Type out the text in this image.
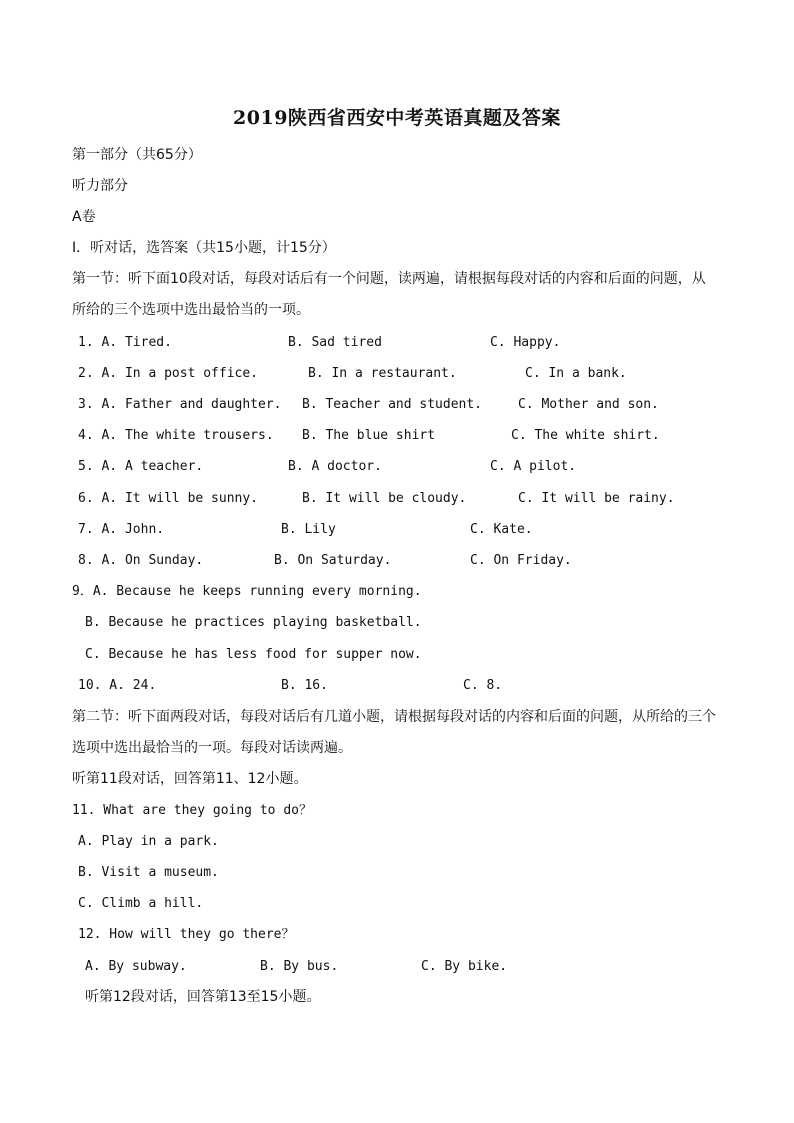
2019陕西省西安中考英语真题及答案
第一部分（共65分）
听力部分
A卷
I．听对话，选答案（共15小题，计15分）
第一节：听下面10段对话，每段对话后有一个问题，读两遍，请根据每段对话的内容和后面的问题，从
所给的三个选项中选出最恰当的一项。
1. A. Tired.	B. Sad tired	C. Happy.
2. A. In a post office.	B. In a restaurant.	C. In a bank.
3. A. Father and daughter. B. Teacher and student.	C. Mother and son.
4. A. The white trousers. B. The blue shirt	C. The white shirt.
5. A. A teacher.	B. A doctor.	C. A pilot.
6. A. It will be sunny.	B. It will be cloudy.	C. It will be rainy.
7. A. John.	B. Lily	C. Kate.
8. A. On Sunday.	B. On Saturday.	C. On Friday.
9．A. Because he keeps running every morning.
B. Because he practices playing basketball.
C. Because he has less food for supper now.
10. A. 24.	B. 16.	C. 8.
第二节：听下面两段对话，每段对话后有几道小题，请根据每段对话的内容和后面的问题，从所给的三个
选项中选出最恰当的一项。每段对话读两遍。
听第11段对话，回答第11、12小题。
11. What are they going to do？
A. Play in a park.
B. Visit a museum.
C. Climb a hill.
12. How will they go there？
A. By subway.	B. By bus.	C. By bike.
听第12段对话，回答第13至15小题。
